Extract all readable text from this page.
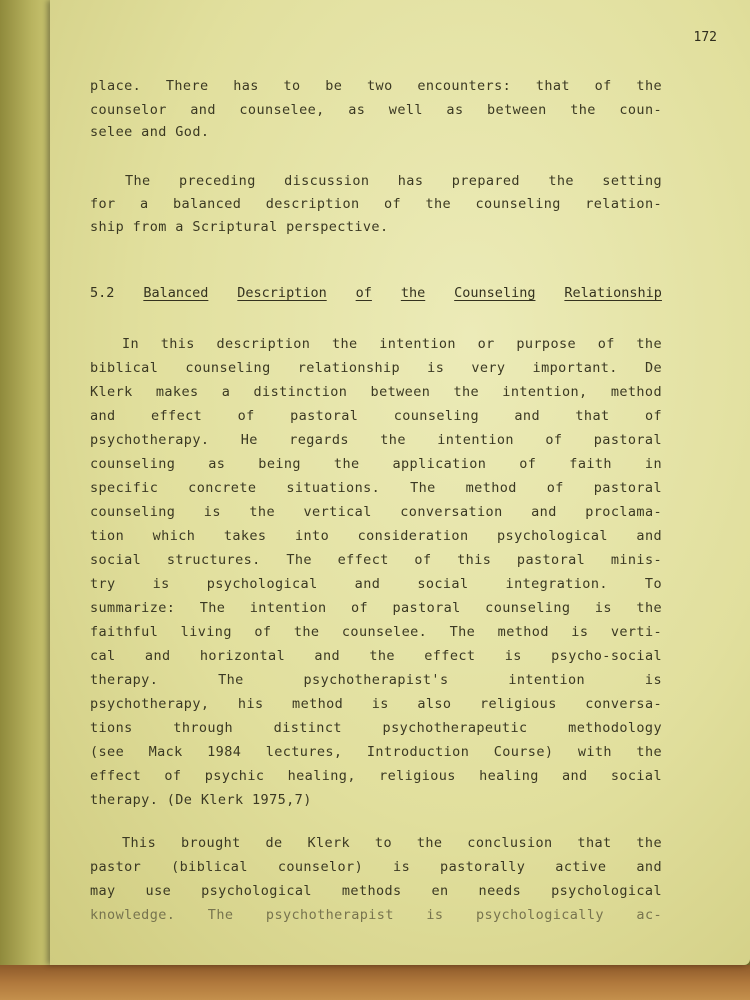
172

place. There has to be two encounters: that of the

counselor and counselee, as well as between the coun-

selee and God.

The preceding discussion has prepared the setting

for a balanced description of the counseling relation-

ship from a Scriptural perspective.

5.2 Balanced Description of the Counseling Relationship

In this description the intention or purpose of the

biblical counseling relationship is very important. De

Klerk makes a distinction between the intention, method

and effect of pastoral counseling and that of

psychotherapy. He regards the intention of pastoral

counseling as being the application of faith in

specific concrete situations. The method of pastoral

counseling is the vertical conversation and proclama-

tion which takes into consideration psychological and

social structures. The effect of this pastoral minis-

try is psychological and social integration. To

summarize: The intention of pastoral counseling is the

faithful living of the counselee. The method is verti-

cal and horizontal and the effect is psycho-social

therapy. The psychotherapist's intention is

psychotherapy, his method is also religious conversa-

tions through distinct psychotherapeutic methodology

(see Mack 1984 lectures, Introduction Course) with the

effect of psychic healing, religious healing and social

therapy. (De Klerk 1975,7)

This brought de Klerk to the conclusion that the

pastor (biblical counselor) is pastorally active and

may use psychological methods en needs psychological

knowledge. The psychotherapist is psychologically ac-
